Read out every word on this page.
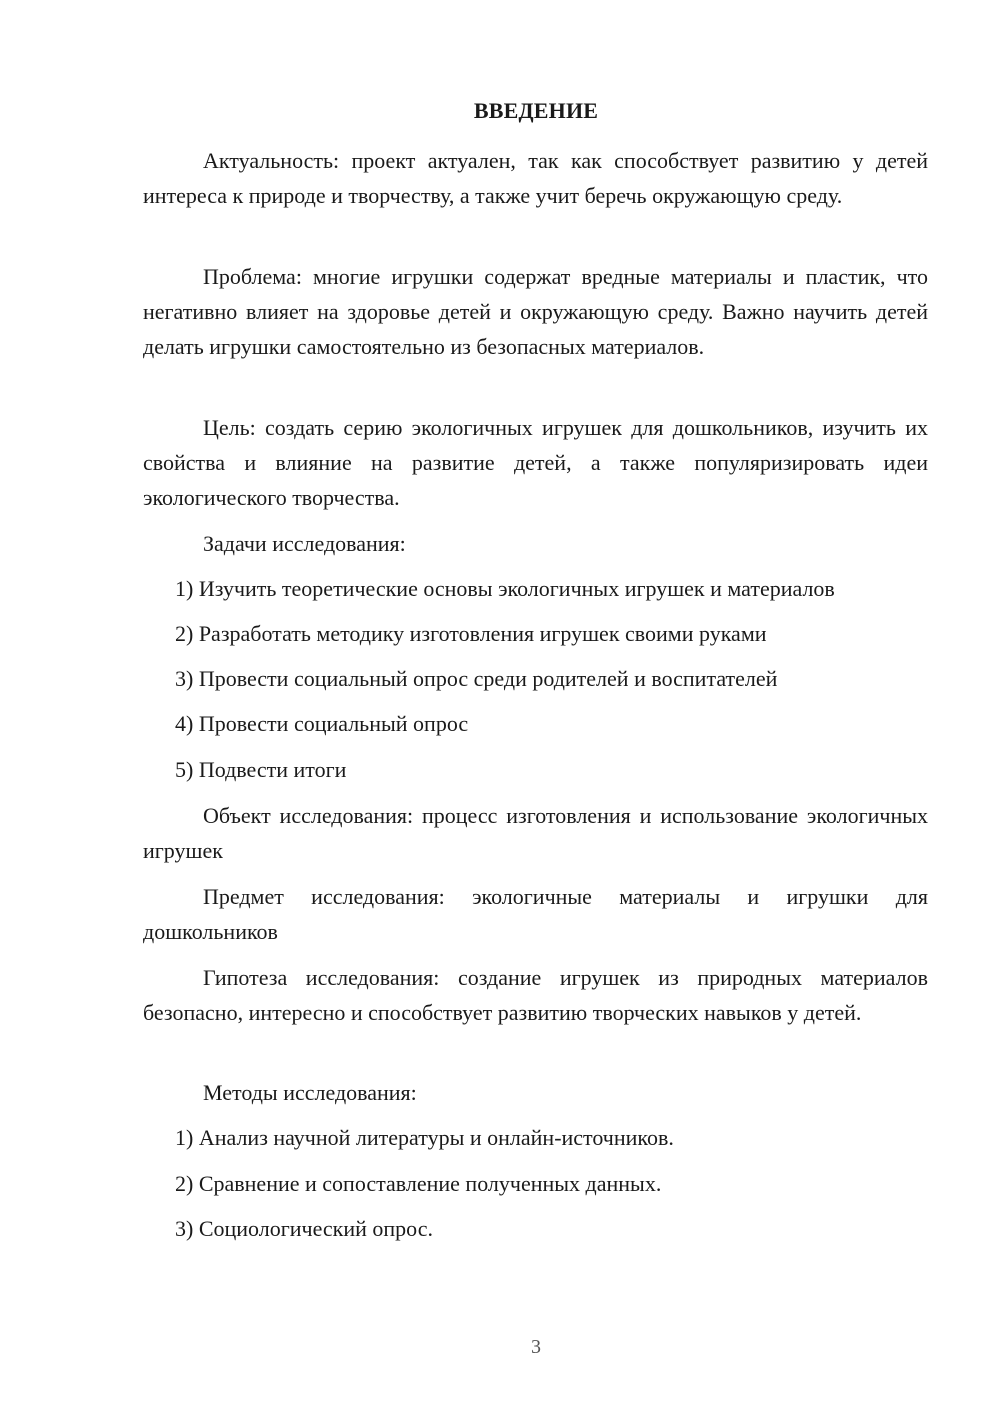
ВВЕДЕНИЕ

Актуальность: проект актуален, так как способствует развитию у детей интереса к природе и творчеству, а также учит беречь окружающую среду.

Проблема: многие игрушки содержат вредные материалы и пластик, что негативно влияет на здоровье детей и окружающую среду. Важно научить детей делать игрушки самостоятельно из безопасных материалов.

Цель: создать серию экологичных игрушек для дошкольников, изучить их свойства и влияние на развитие детей, а также популяризировать идеи экологического творчества.

Задачи исследования:

1) Изучить теоретические основы экологичных игрушек и материалов

2) Разработать методику изготовления игрушек своими руками

3) Провести социальный опрос среди родителей и воспитателей

4) Провести социальный опрос

5) Подвести итоги

Объект исследования: процесс изготовления и использование экологичных игрушек

Предмет исследования: экологичные материалы и игрушки для дошкольников

Гипотеза исследования: создание игрушек из природных материалов безопасно, интересно и способствует развитию творческих навыков у детей.

Методы исследования:

1) Анализ научной литературы и онлайн-источников.

2) Сравнение и сопоставление полученных данных.

3) Социологический опрос.

3
